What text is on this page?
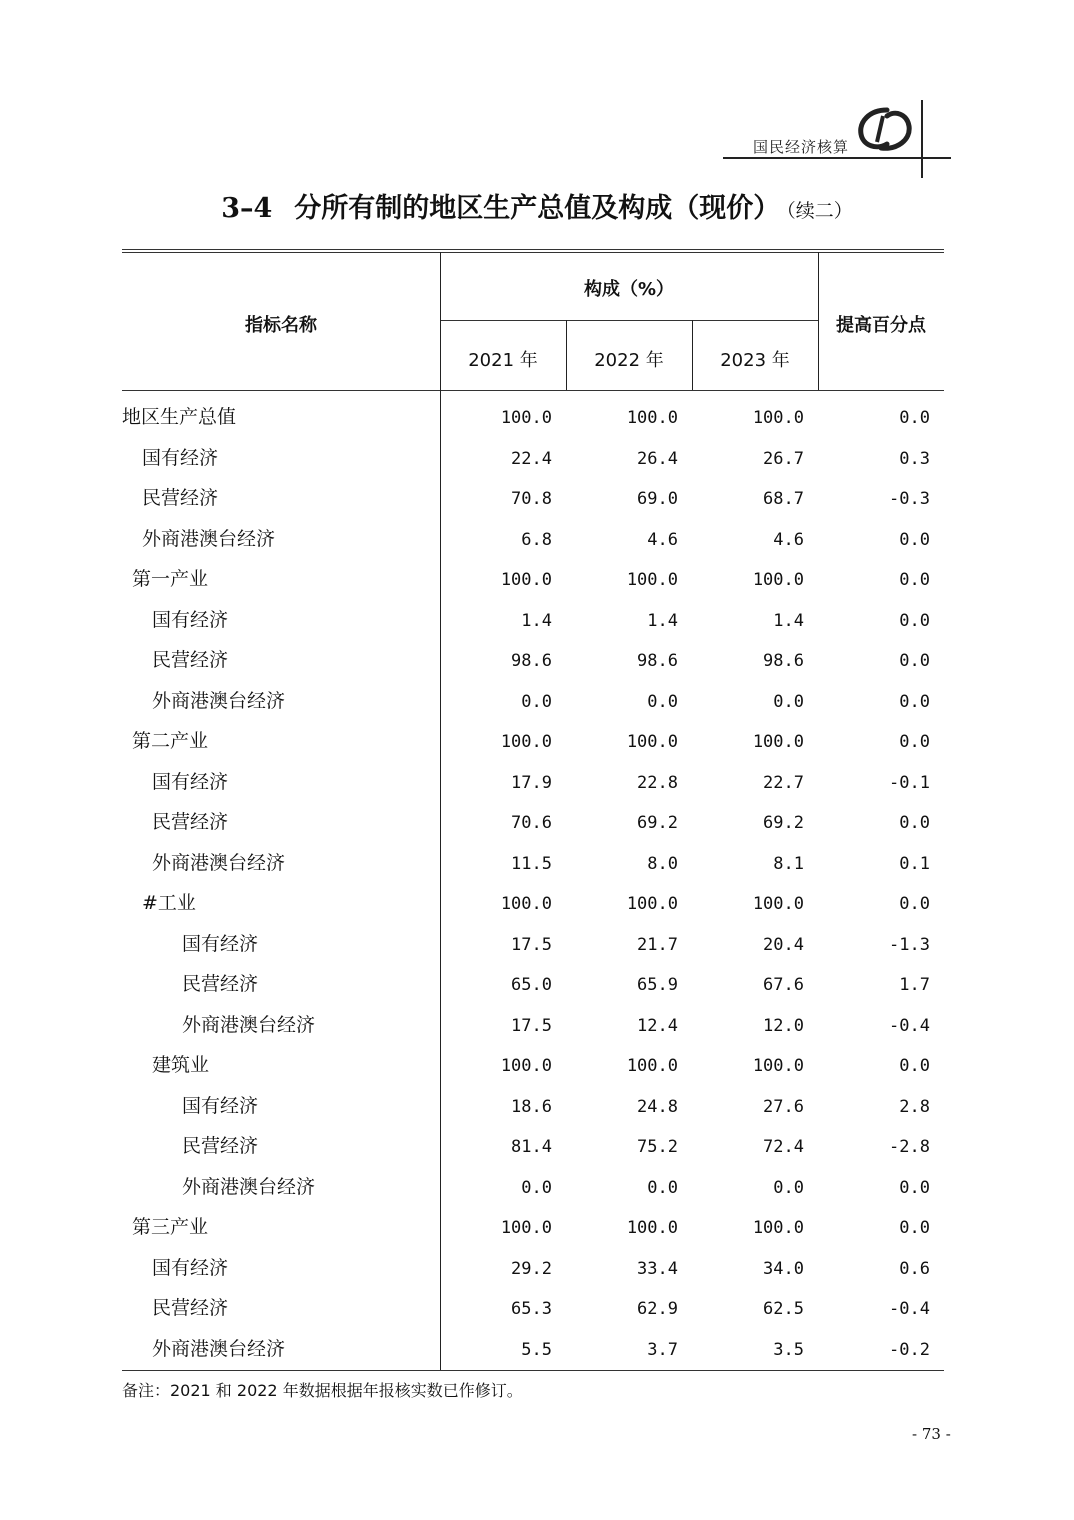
国民经济核算
3–4 分所有制的地区生产总值及构成（现价） （续二）
指标名称
构成（%）
2021 年	2022 年	2023 年
提高百分点
地区生产总值	100.0	100.0	100.0	0.0
国有经济	22.4	26.4	26.7	0.3
民营经济	70.8	69.0	68.7	-0.3
外商港澳台经济	6.8	4.6	4.6	0.0
第一产业	100.0	100.0	100.0	0.0
国有经济	1.4	1.4	1.4	0.0
民营经济	98.6	98.6	98.6	0.0
外商港澳台经济	0.0	0.0	0.0	0.0
第二产业	100.0	100.0	100.0	0.0
国有经济	17.9	22.8	22.7	-0.1
民营经济	70.6	69.2	69.2	0.0
外商港澳台经济	11.5	8.0	8.1	0.1
#工业	100.0	100.0	100.0	0.0
国有经济	17.5	21.7	20.4	-1.3
民营经济	65.0	65.9	67.6	1.7
外商港澳台经济	17.5	12.4	12.0	-0.4
建筑业	100.0	100.0	100.0	0.0
国有经济	18.6	24.8	27.6	2.8
民营经济	81.4	75.2	72.4	-2.8
外商港澳台经济	0.0	0.0	0.0	0.0
第三产业	100.0	100.0	100.0	0.0
国有经济	29.2	33.4	34.0	0.6
民营经济	65.3	62.9	62.5	-0.4
外商港澳台经济	5.5	3.7	3.5	-0.2
备注：2021 和 2022 年数据根据年报核实数已作修订。
- 73 -
